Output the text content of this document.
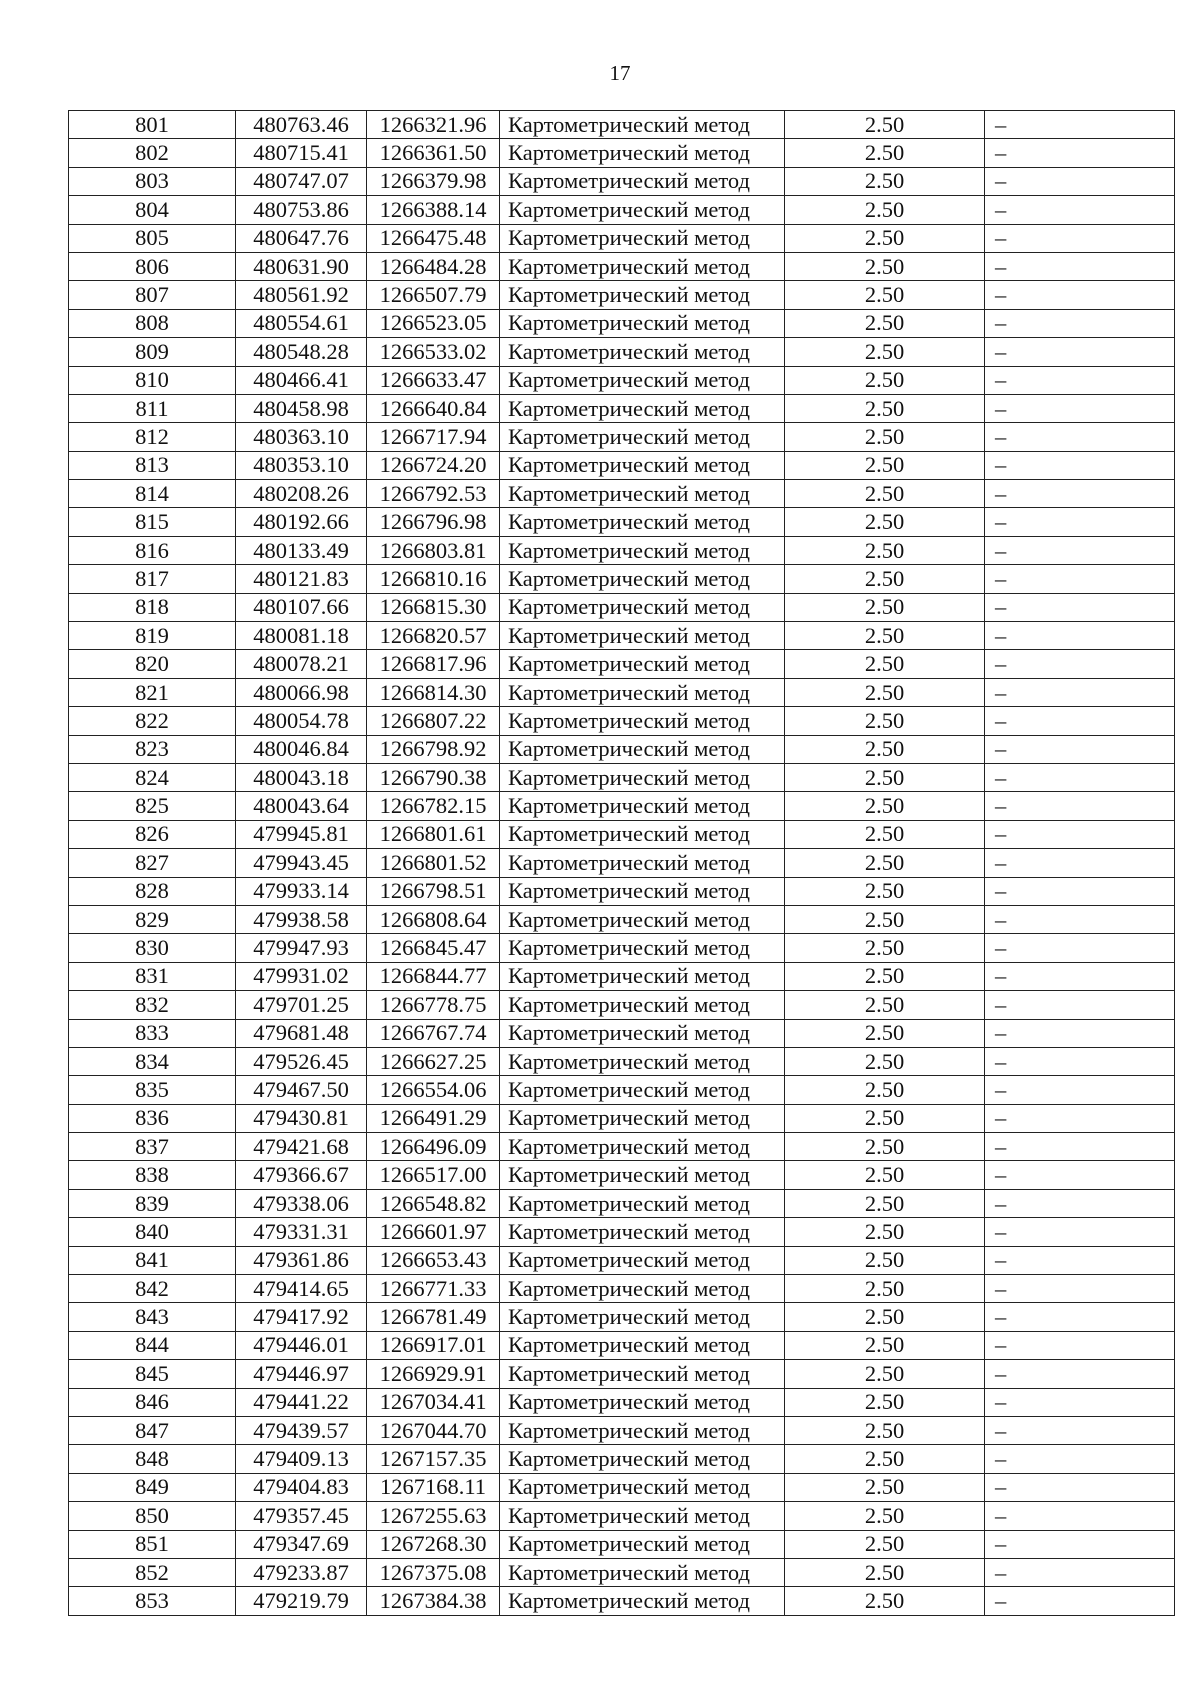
17
801	480763.46	1266321.96	Картометрический метод	2.50	–
802	480715.41	1266361.50	Картометрический метод	2.50	–
803	480747.07	1266379.98	Картометрический метод	2.50	–
804	480753.86	1266388.14	Картометрический метод	2.50	–
805	480647.76	1266475.48	Картометрический метод	2.50	–
806	480631.90	1266484.28	Картометрический метод	2.50	–
807	480561.92	1266507.79	Картометрический метод	2.50	–
808	480554.61	1266523.05	Картометрический метод	2.50	–
809	480548.28	1266533.02	Картометрический метод	2.50	–
810	480466.41	1266633.47	Картометрический метод	2.50	–
811	480458.98	1266640.84	Картометрический метод	2.50	–
812	480363.10	1266717.94	Картометрический метод	2.50	–
813	480353.10	1266724.20	Картометрический метод	2.50	–
814	480208.26	1266792.53	Картометрический метод	2.50	–
815	480192.66	1266796.98	Картометрический метод	2.50	–
816	480133.49	1266803.81	Картометрический метод	2.50	–
817	480121.83	1266810.16	Картометрический метод	2.50	–
818	480107.66	1266815.30	Картометрический метод	2.50	–
819	480081.18	1266820.57	Картометрический метод	2.50	–
820	480078.21	1266817.96	Картометрический метод	2.50	–
821	480066.98	1266814.30	Картометрический метод	2.50	–
822	480054.78	1266807.22	Картометрический метод	2.50	–
823	480046.84	1266798.92	Картометрический метод	2.50	–
824	480043.18	1266790.38	Картометрический метод	2.50	–
825	480043.64	1266782.15	Картометрический метод	2.50	–
826	479945.81	1266801.61	Картометрический метод	2.50	–
827	479943.45	1266801.52	Картометрический метод	2.50	–
828	479933.14	1266798.51	Картометрический метод	2.50	–
829	479938.58	1266808.64	Картометрический метод	2.50	–
830	479947.93	1266845.47	Картометрический метод	2.50	–
831	479931.02	1266844.77	Картометрический метод	2.50	–
832	479701.25	1266778.75	Картометрический метод	2.50	–
833	479681.48	1266767.74	Картометрический метод	2.50	–
834	479526.45	1266627.25	Картометрический метод	2.50	–
835	479467.50	1266554.06	Картометрический метод	2.50	–
836	479430.81	1266491.29	Картометрический метод	2.50	–
837	479421.68	1266496.09	Картометрический метод	2.50	–
838	479366.67	1266517.00	Картометрический метод	2.50	–
839	479338.06	1266548.82	Картометрический метод	2.50	–
840	479331.31	1266601.97	Картометрический метод	2.50	–
841	479361.86	1266653.43	Картометрический метод	2.50	–
842	479414.65	1266771.33	Картометрический метод	2.50	–
843	479417.92	1266781.49	Картометрический метод	2.50	–
844	479446.01	1266917.01	Картометрический метод	2.50	–
845	479446.97	1266929.91	Картометрический метод	2.50	–
846	479441.22	1267034.41	Картометрический метод	2.50	–
847	479439.57	1267044.70	Картометрический метод	2.50	–
848	479409.13	1267157.35	Картометрический метод	2.50	–
849	479404.83	1267168.11	Картометрический метод	2.50	–
850	479357.45	1267255.63	Картометрический метод	2.50	–
851	479347.69	1267268.30	Картометрический метод	2.50	–
852	479233.87	1267375.08	Картометрический метод	2.50	–
853	479219.79	1267384.38	Картометрический метод	2.50	–
